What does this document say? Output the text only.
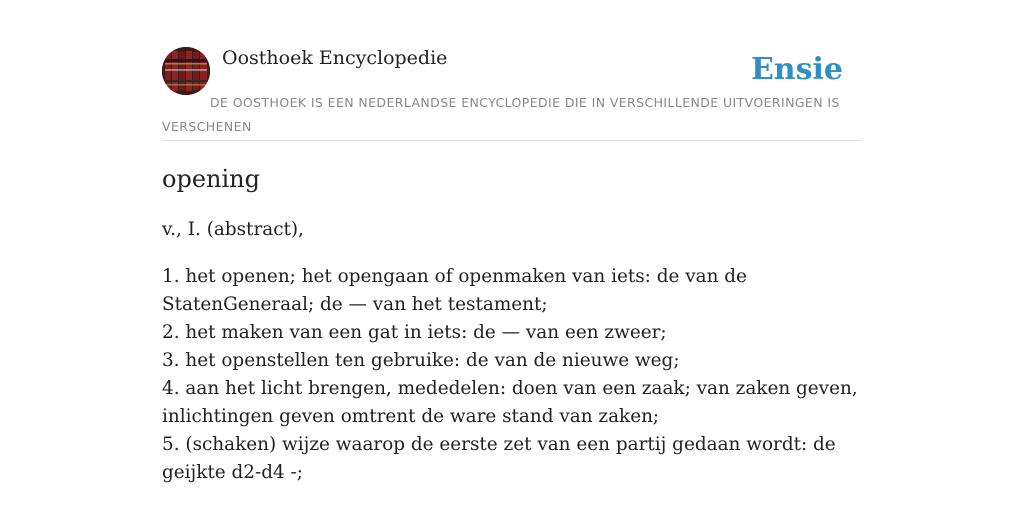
Oosthoek Encyclopedie	Ensie
DE OOSTHOEK IS EEN NEDERLANDSE ENCYCLOPEDIE DIE IN VERSCHILLENDE UITVOERINGEN IS VERSCHENEN
opening

v., I. (abstract),

1. het openen; het opengaan of openmaken van iets: de van de StatenGeneraal; de — van het testament;
2. het maken van een gat in iets: de — van een zweer;
3. het openstellen ten gebruike: de van de nieuwe weg;
4. aan het licht brengen, mededelen: doen van een zaak; van zaken geven, inlichtingen geven omtrent de ware stand van zaken;
5. (schaken) wijze waarop de eerste zet van een partij gedaan wordt: de geijkte d2-d4 -;
